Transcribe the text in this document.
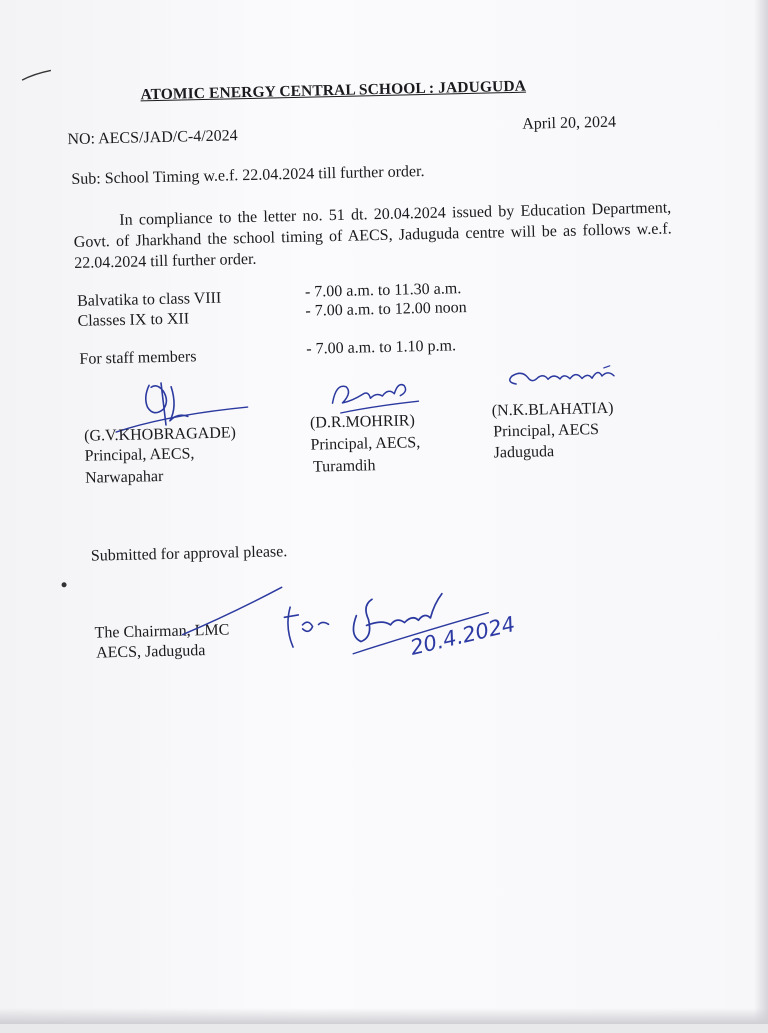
ATOMIC ENERGY CENTRAL SCHOOL : JADUGUDA
NO: AECS/JAD/C-4/2024
April 20, 2024
Sub: School Timing w.e.f. 22.04.2024 till further order.
In compliance to the letter no. 51 dt. 20.04.2024 issued by Education Department, Govt. of Jharkhand the school timing of AECS, Jaduguda centre will be as follows w.e.f. 22.04.2024 till further order.
Balvatika to class VIII	- 7.00 a.m. to 11.30 a.m.
Classes IX to XII
- 7.00 a.m. to 12.00 noon
For staff members
- 7.00 a.m. to 1.10 p.m.
(G.V.KHOBRAGADE)
Principal, AECS,
Narwapahar
(D.R.MOHRIR)
Principal, AECS,
Turamdih
(N.K.BLAHATIA)
Principal, AECS
Jaduguda
Submitted for approval please.
The Chairman, LMC
AECS, Jaduguda	20.4.2024
